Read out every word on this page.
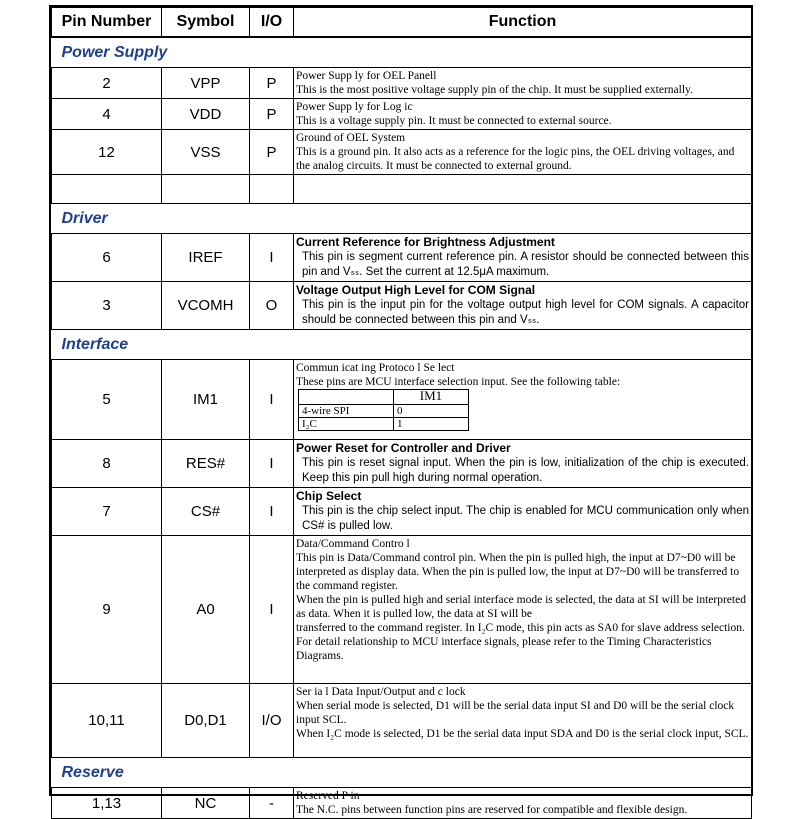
Pin Number	Symbol	I/O	Function
Power Supply
2	VPP	P	Power Supp ly for OEL Panell
This is the most positive voltage supply pin of the chip. It must be supplied externally.

4	VDD	P	Power Supp ly for Log ic
This is a voltage supply pin. It must be connected to external source.

12	VSS	P	
Ground of OEL System
This is a ground pin. It also acts as a reference for the logic pins, the OEL driving voltages, and the analog circuits. It must be connected to external ground.

Driver
6	IREF	I	
Current Reference for Brightness Adjustment
This pin is segment current reference pin. A resistor should be connected between this pin and Vₛₛ. Set the current at 12.5μA maximum.

3	VCOMH	O	
Voltage Output High Level for COM Signal
This pin is the input pin for the voltage output high level for COM signals. A capacitor should be connected between this pin and Vₛₛ.

Interface
5	IM1	I	
Commun icat ing Protoco l Se lect
These pins are MCU interface selection input. See the following table:
	IM1
4-wire SPI	0
I₂C	1

8	RES#	I	
Power Reset for Controller and Driver
This pin is reset signal input. When the pin is low, initialization of the chip is executed. Keep this pin pull high during normal operation.

7	CS#	I	
Chip Select
This pin is the chip select input. The chip is enabled for MCU communication only when CS# is pulled low.

9	A0	I	
Data/Command Contro l
This pin is Data/Command control pin. When the pin is pulled high, the input at D7~D0 will be interpreted as display data. When the pin is pulled low, the input at D7~D0 will be transferred to the command register.
When the pin is pulled high and serial interface mode is selected, the data at SI will be interpreted as data. When it is pulled low, the data at SI will be
transferred to the command register. In I₂C mode, this pin acts as SA0 for slave address selection.
For detail relationship to MCU interface signals, please refer to the Timing Characteristics Diagrams.

10,11	D0,D1	I/O	
Ser ia l Data Input/Output and c lock
When serial mode is selected, D1 will be the serial data input SI and D0 will be the serial clock input SCL.
When I₂C mode is selected, D1 be the serial data input SDA and D0 is the serial clock input, SCL.

Reserve
1,13	NC	-	Reserved P in
The N.C. pins between function pins are reserved for compatible and flexible design.
